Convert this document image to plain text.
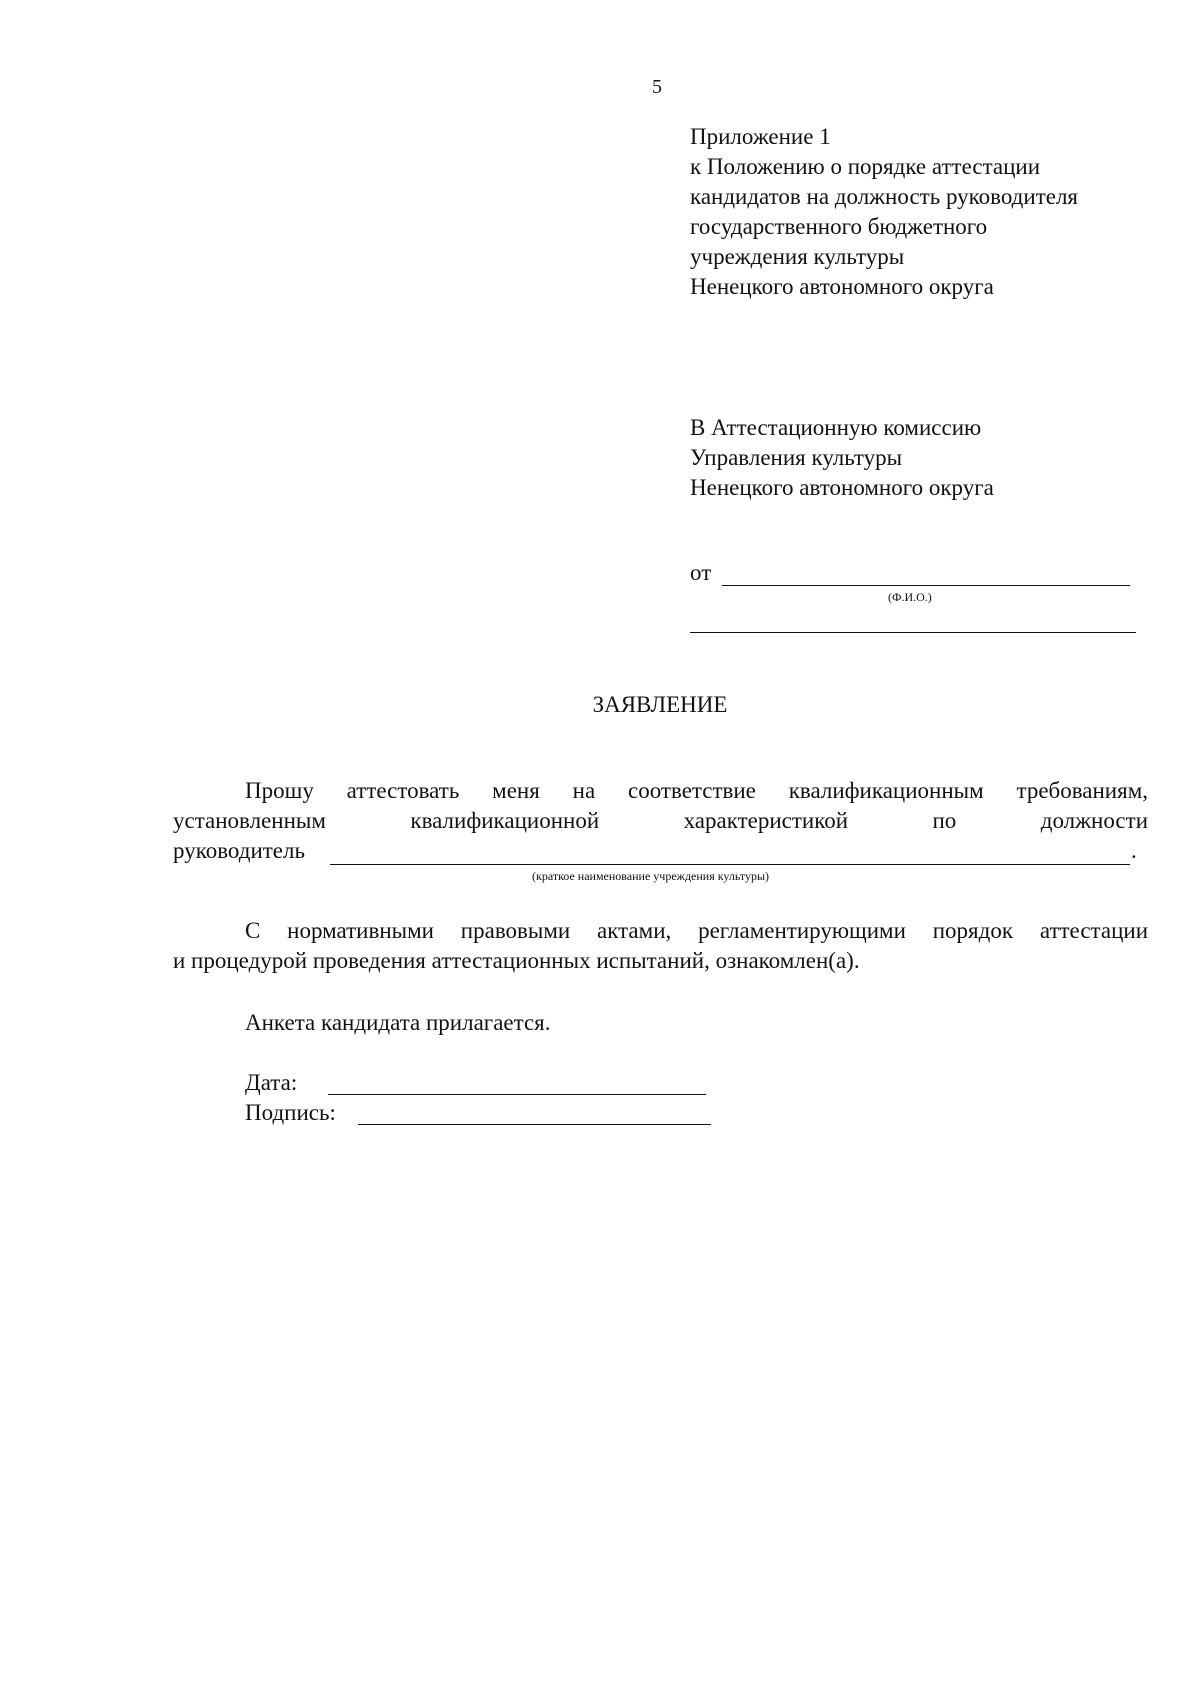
5
Приложение 1
к Положению о порядке аттестации
кандидатов на должность руководителя
государственного бюджетного
учреждения культуры
Ненецкого автономного округа
В Аттестационную комиссию
Управления культуры
Ненецкого автономного округа
от
(Ф.И.О.)
ЗАЯВЛЕНИЕ
Прошу аттестовать меня на соответствие квалификационным требованиям,
установленным	квалификационной	характеристикой	по	должности
руководитель	.
(краткое наименование учреждения культуры)
С нормативными правовыми актами, регламентирующими порядок аттестации
и процедурой проведения аттестационных испытаний, ознакомлен(а).
Анкета кандидата прилагается.
Дата:
Подпись:
